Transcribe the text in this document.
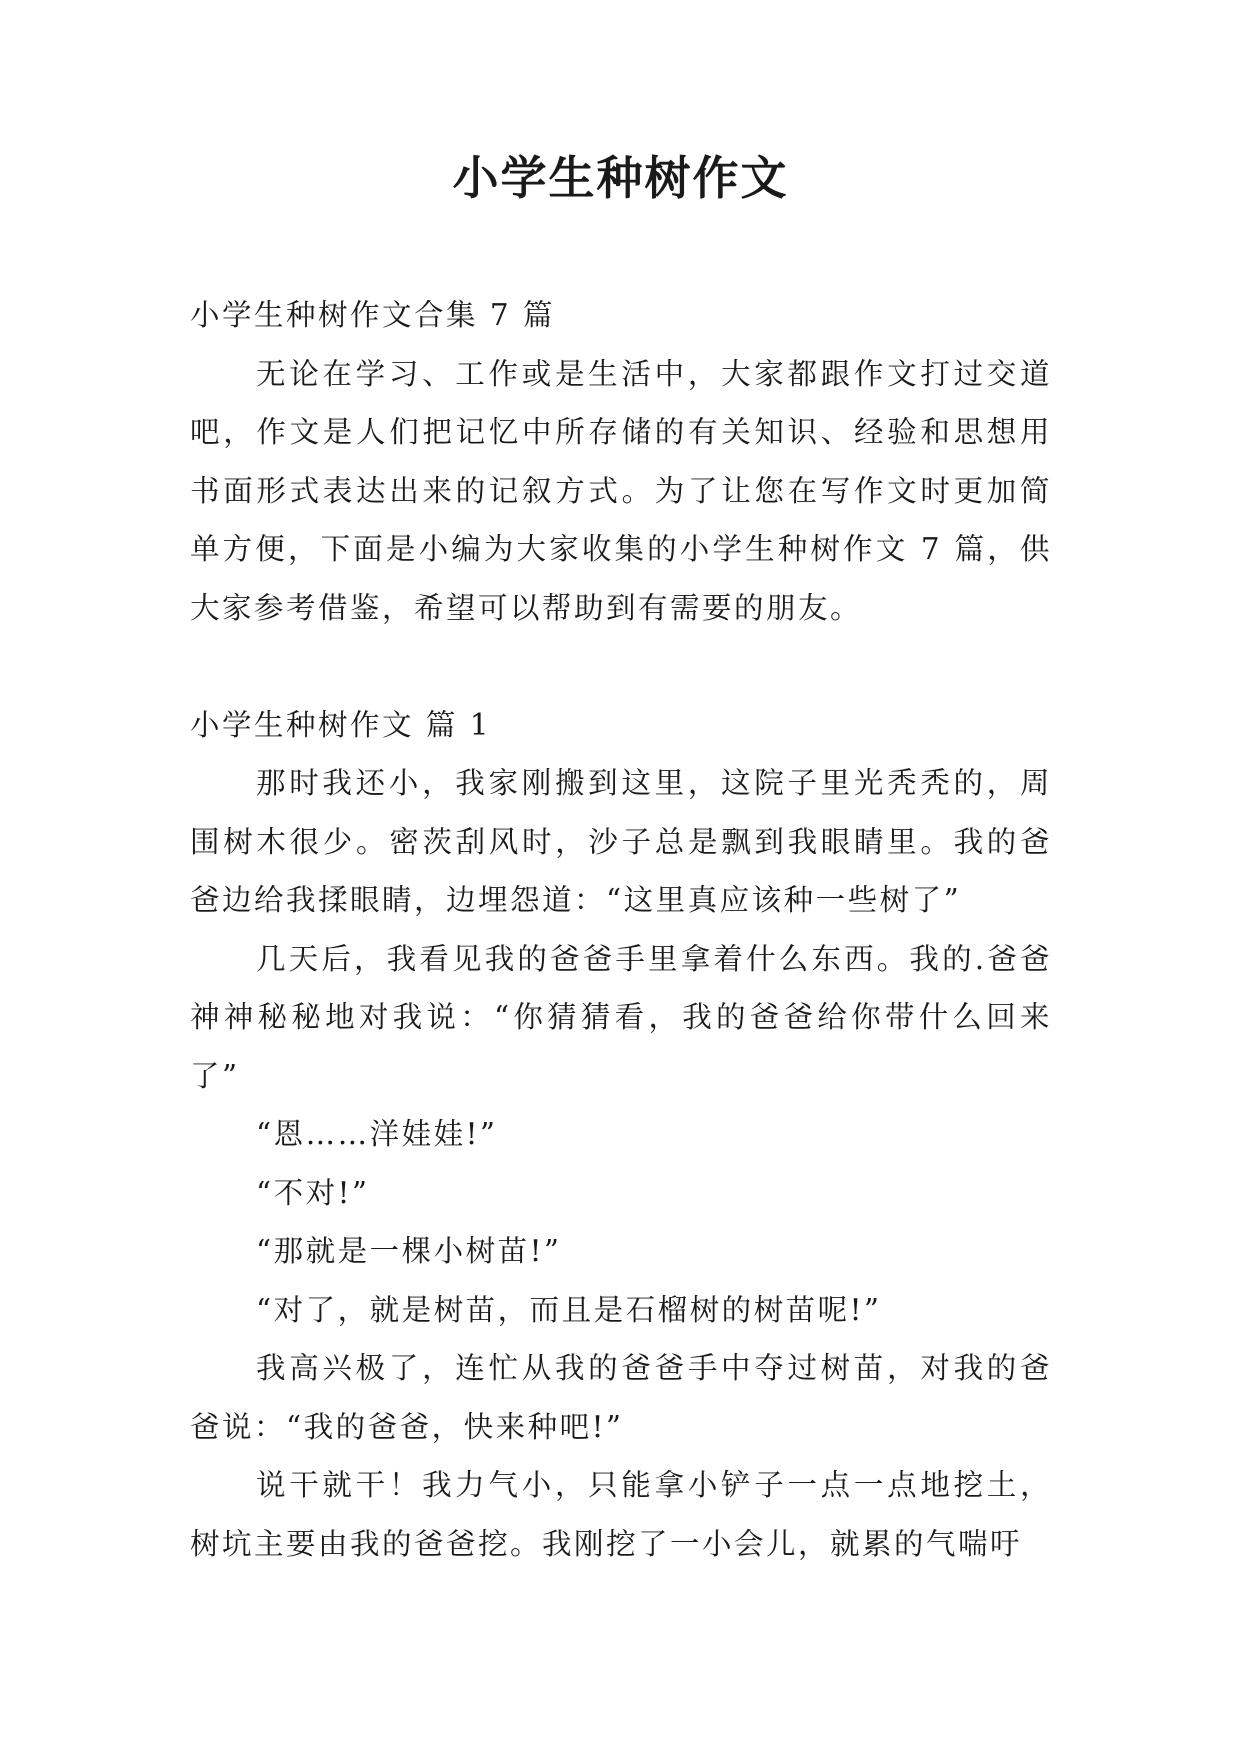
小学生种树作文

小学生种树作文合集 7 篇

无论在学习、工作或是生活中，大家都跟作文打过交道吧，作文是人们把记忆中所存储的有关知识、经验和思想用书面形式表达出来的记叙方式。为了让您在写作文时更加简单方便，下面是小编为大家收集的小学生种树作文 7 篇，供大家参考借鉴，希望可以帮助到有需要的朋友。

小学生种树作文 篇 1

那时我还小，我家刚搬到这里，这院子里光秃秃的，周围树木很少。密茨刮风时，沙子总是飘到我眼睛里。我的爸爸边给我揉眼睛，边埋怨道：“这里真应该种一些树了”

几天后，我看见我的爸爸手里拿着什么东西。我的.爸爸神神秘秘地对我说：“你猜猜看，我的爸爸给你带什么回来了”

“恩……洋娃娃!”

“不对!”

“那就是一棵小树苗!”

“对了，就是树苗，而且是石榴树的树苗呢!”

我高兴极了，连忙从我的爸爸手中夺过树苗，对我的爸爸说：“我的爸爸，快来种吧!”

说干就干！我力气小，只能拿小铲子一点一点地挖土，树坑主要由我的爸爸挖。我刚挖了一小会儿，就累的气喘吁
